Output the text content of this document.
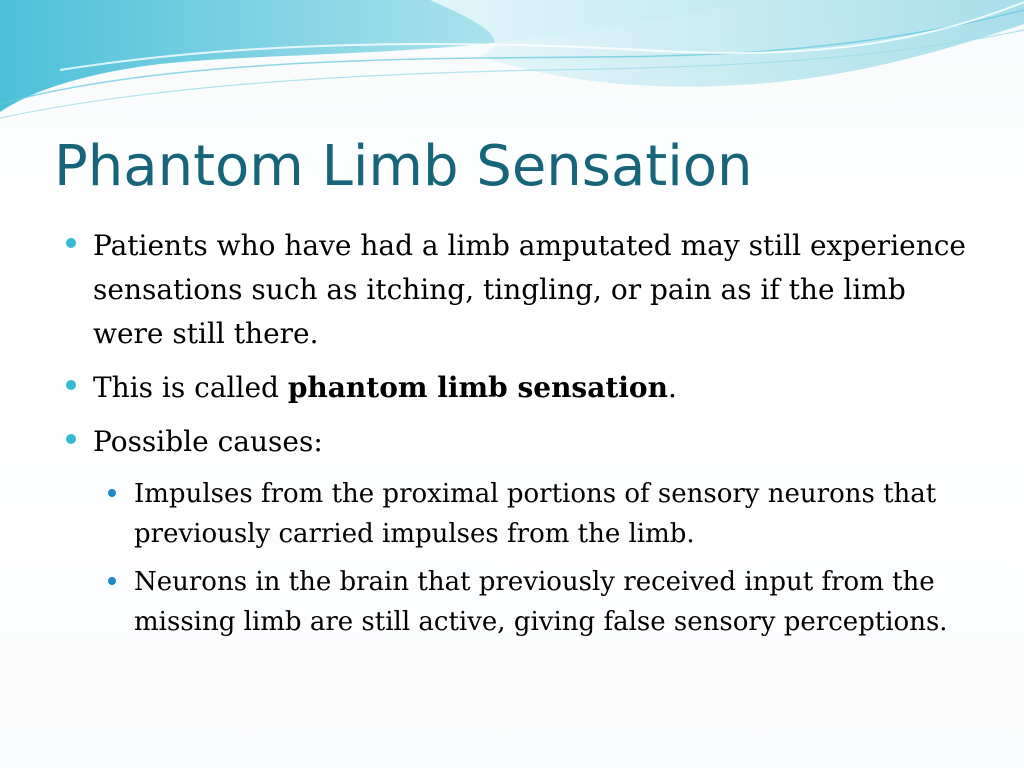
Phantom Limb Sensation
Patients who have had a limb amputated may still experience sensations such as itching, tingling, or pain as if the limb were still there.
This is called phantom limb sensation.
Possible causes:
Impulses from the proximal portions of sensory neurons that previously carried impulses from the limb.
Neurons in the brain that previously received input from the missing limb are still active, giving false sensory perceptions.
